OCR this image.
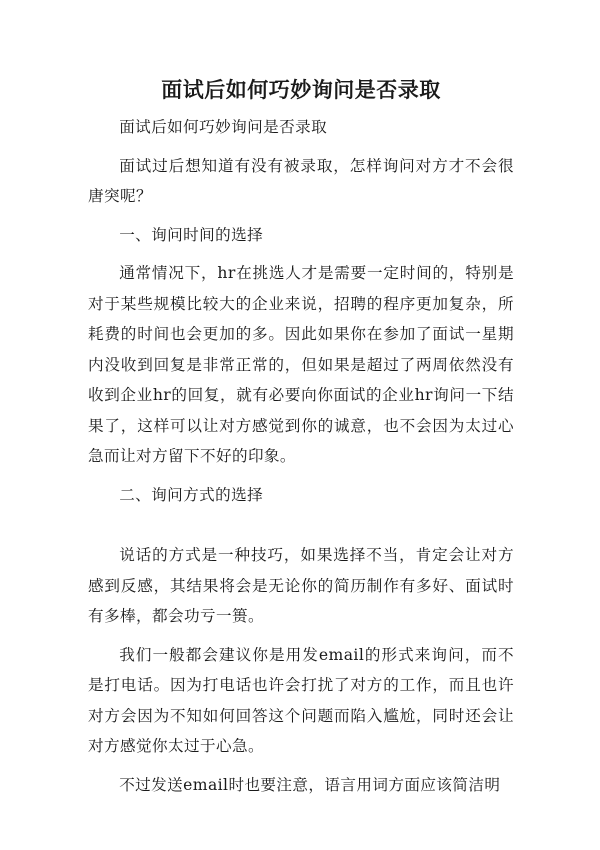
面试后如何巧妙询问是否录取

面试后如何巧妙询问是否录取

面试过后想知道有没有被录取，怎样询问对方才不会很唐突呢？

一、询问时间的选择

通常情况下，hr在挑选人才是需要一定时间的，特别是对于某些规模比较大的企业来说，招聘的程序更加复杂，所耗费的时间也会更加的多。因此如果你在参加了面试一星期内没收到回复是非常正常的，但如果是超过了两周依然没有收到企业hr的回复，就有必要向你面试的企业hr询问一下结果了，这样可以让对方感觉到你的诚意，也不会因为太过心急而让对方留下不好的印象。

二、询问方式的选择

说话的方式是一种技巧，如果选择不当，肯定会让对方感到反感，其结果将会是无论你的简历制作有多好、面试时有多棒，都会功亏一篑。

我们一般都会建议你是用发email的形式来询问，而不是打电话。因为打电话也许会打扰了对方的工作，而且也许对方会因为不知如何回答这个问题而陷入尴尬，同时还会让对方感觉你太过于心急。

不过发送email时也要注意，语言用词方面应该简洁明
